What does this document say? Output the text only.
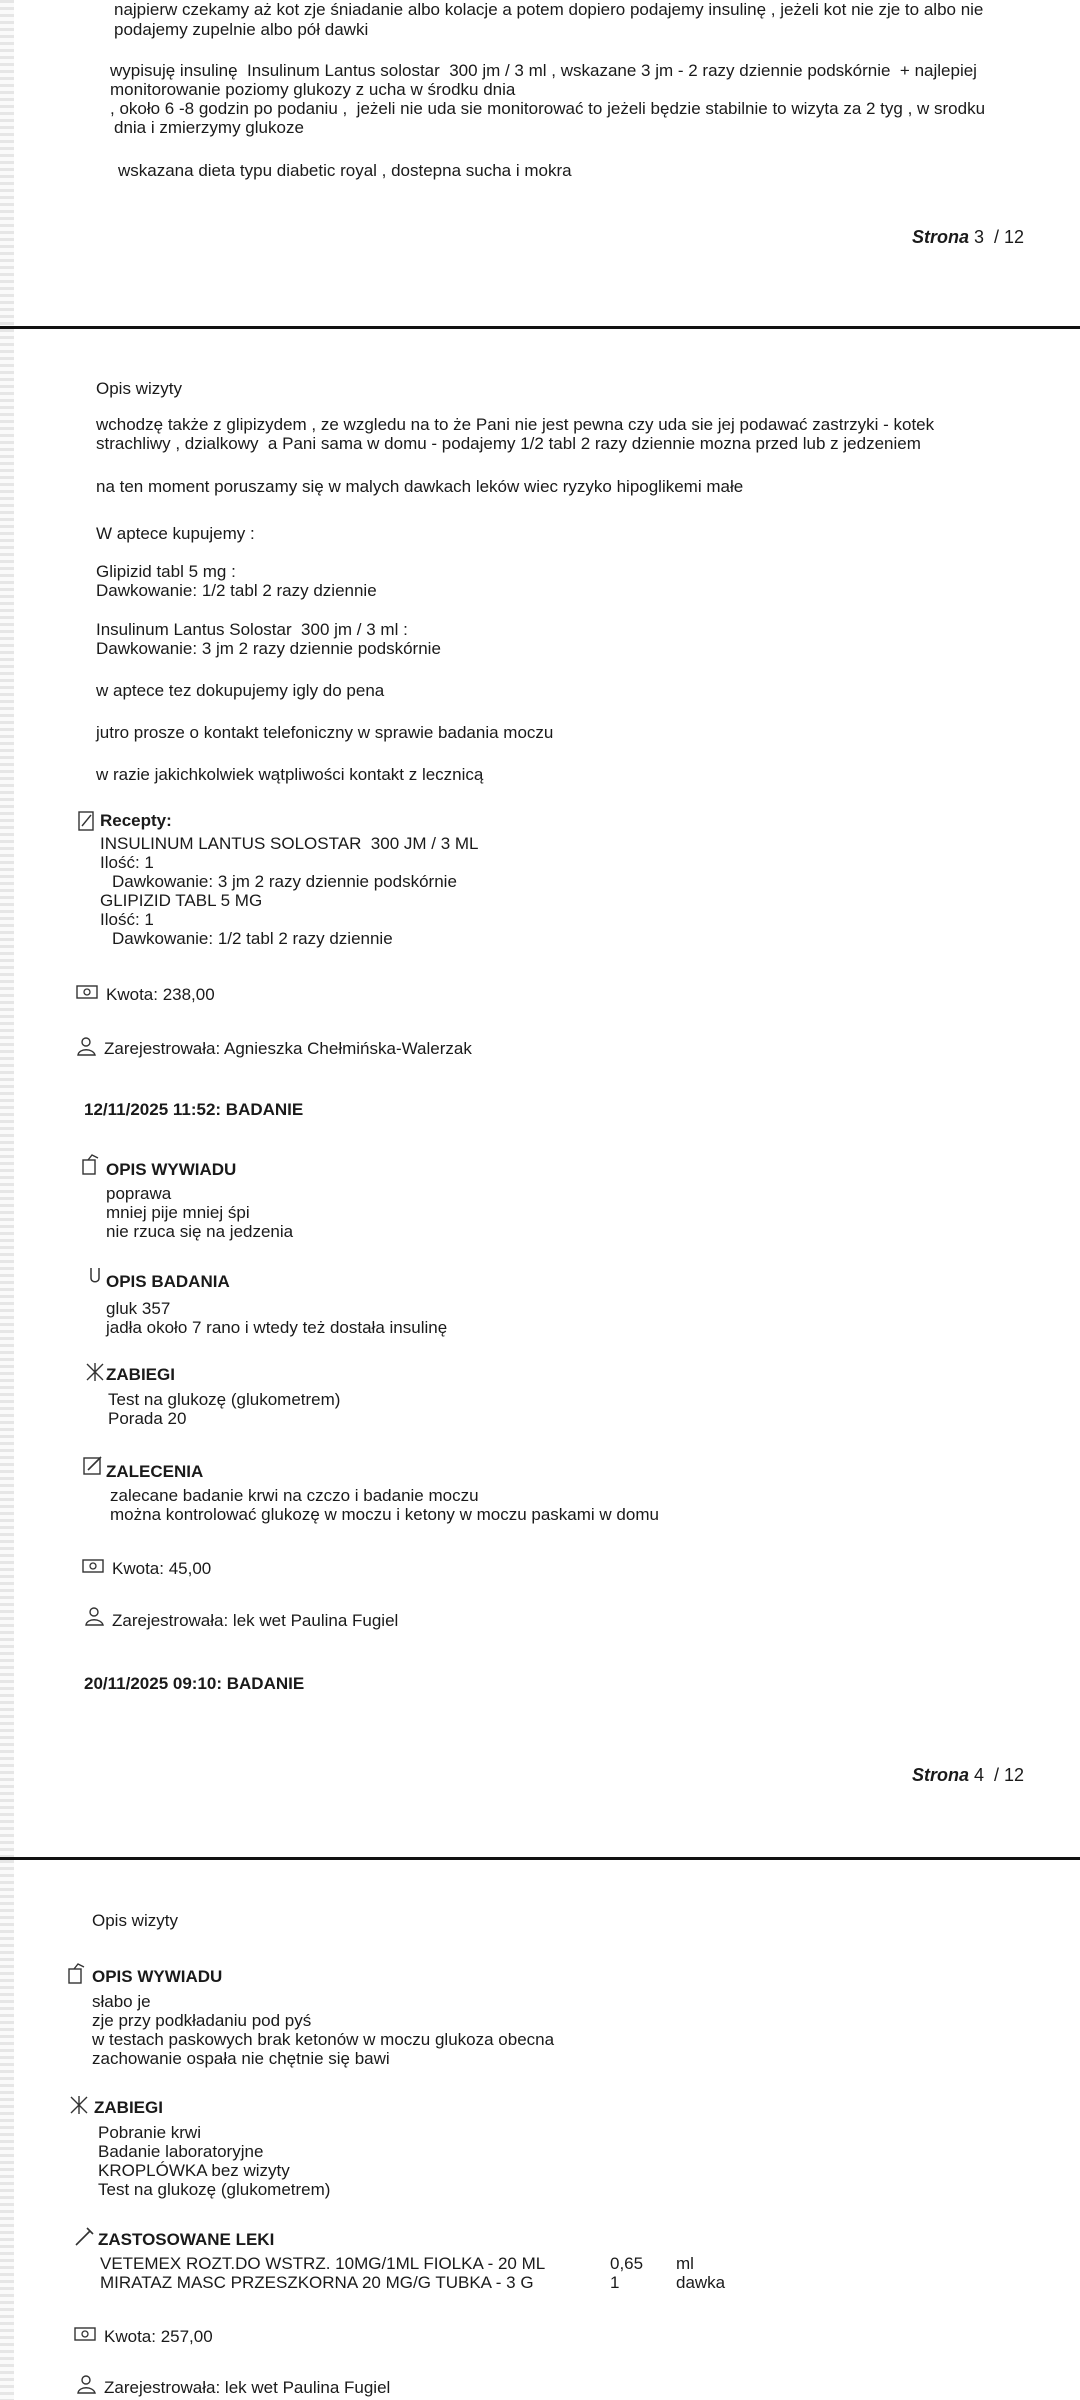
najpierw czekamy aż kot zje śniadanie albo kolacje a potem dopiero podajemy insulinę , jeżeli kot nie zje to albo nie

podajemy zupelnie albo pół dawki

wypisuję insulinę  Insulinum Lantus solostar  300 jm / 3 ml , wskazane 3 jm - 2 razy dziennie podskórnie  + najlepiej

monitorowanie poziomy glukozy z ucha w środku dnia

, około 6 -8 godzin po podaniu ,  jeżeli nie uda sie monitorować to jeżeli będzie stabilnie to wizyta za 2 tyg , w srodku

dnia i zmierzymy glukoze

wskazana dieta typu diabetic royal , dostepna sucha i mokra

Strona 3  / 12

Opis wizyty

wchodzę także z glipizydem , ze wzgledu na to że Pani nie jest pewna czy uda sie jej podawać zastrzyki - kotek

strachliwy , dzialkowy  a Pani sama w domu - podajemy 1/2 tabl 2 razy dziennie mozna przed lub z jedzeniem

na ten moment poruszamy się w malych dawkach leków wiec ryzyko hipoglikemi małe

W aptece kupujemy :

Glipizid tabl 5 mg :

Dawkowanie: 1/2 tabl 2 razy dziennie

Insulinum Lantus Solostar  300 jm / 3 ml :

Dawkowanie: 3 jm 2 razy dziennie podskórnie

w aptece tez dokupujemy igly do pena

jutro prosze o kontakt telefoniczny w sprawie badania moczu

w razie jakichkolwiek wątpliwości kontakt z lecznicą

Recepty:

INSULINUM LANTUS SOLOSTAR  300 JM / 3 ML

Ilość: 1

Dawkowanie: 3 jm 2 razy dziennie podskórnie

GLIPIZID TABL 5 MG

Ilość: 1

Dawkowanie: 1/2 tabl 2 razy dziennie

Kwota: 238,00

Zarejestrowała: Agnieszka Chełmińska-Walerzak

12/11/2025 11:52: BADANIE

OPIS WYWIADU

poprawa

mniej pije mniej śpi

nie rzuca się na jedzenia

OPIS BADANIA

gluk 357

jadła około 7 rano i wtedy też dostała insulinę

ZABIEGI

Test na glukozę (glukometrem)

Porada 20

ZALECENIA

zalecane badanie krwi na czczo i badanie moczu

można kontrolować glukozę w moczu i ketony w moczu paskami w domu

Kwota: 45,00

Zarejestrowała: lek wet Paulina Fugiel

20/11/2025 09:10: BADANIE

Strona 4  / 12

Opis wizyty

OPIS WYWIADU

słabo je

zje przy podkładaniu pod pyś

w testach paskowych brak ketonów w moczu glukoza obecna

zachowanie ospała nie chętnie się bawi

ZABIEGI

Pobranie krwi

Badanie laboratoryjne

KROPLÓWKA bez wizyty

Test na glukozę (glukometrem)

ZASTOSOWANE LEKI

VETEMEX ROZT.DO WSTRZ. 10MG/1ML FIOLKA - 20 ML	0,65 ml

MIRATAZ MASC PRZESZKORNA 20 MG/G TUBKA - 3 G	1	dawka

Kwota: 257,00

Zarejestrowała: lek wet Paulina Fugiel
